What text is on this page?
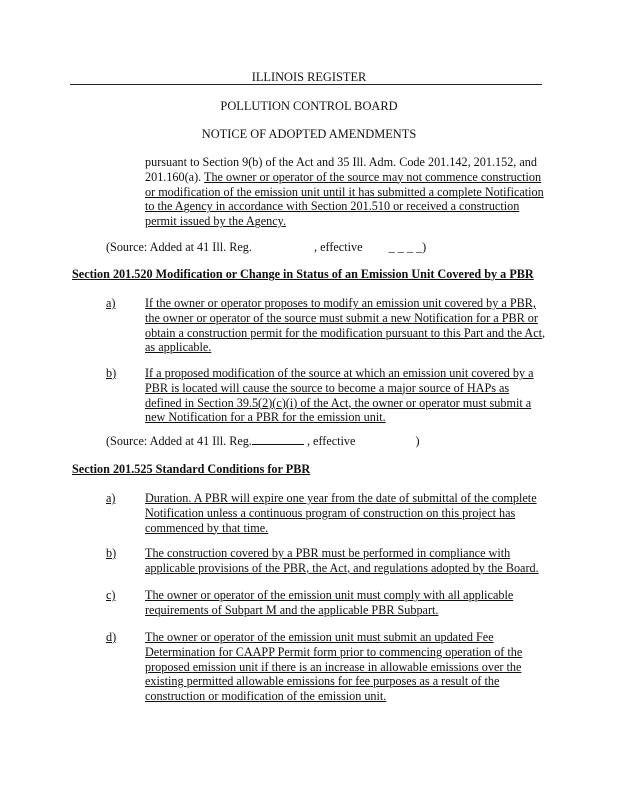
ILLINOIS REGISTER
POLLUTION CONTROL BOARD
NOTICE OF ADOPTED AMENDMENTS
pursuant to Section 9(b) of the Act and 35 Ill. Adm. Code 201.142, 201.152, and 201.160(a). The owner or operator of the source may not commence construction or modification of the emission unit until it has submitted a complete Notification to the Agency in accordance with Section 201.510 or received a construction permit issued by the Agency.
(Source: Added at 41 Ill. Reg.	, effective _ _ _ _)
Section 201.520 Modification or Change in Status of an Emission Unit Covered by a PBR
a) If the owner or operator proposes to modify an emission unit covered by a PBR, the owner or operator of the source must submit a new Notification for a PBR or obtain a construction permit for the modification pursuant to this Part and the Act, as applicable.
b) If a proposed modification of the source at which an emission unit covered by a PBR is located will cause the source to become a major source of HAPs as defined in Section 39.5(2)(c)(i) of the Act, the owner or operator must submit a new Notification for a PBR for the emission unit.
(Source: Added at 41 Ill. Reg.	, effective	)
Section 201.525 Standard Conditions for PBR
a) Duration. A PBR will expire one year from the date of submittal of the complete Notification unless a continuous program of construction on this project has commenced by that time.
b) The construction covered by a PBR must be performed in compliance with applicable provisions of the PBR, the Act, and regulations adopted by the Board.
c) The owner or operator of the emission unit must comply with all applicable requirements of Subpart M and the applicable PBR Subpart.
d) The owner or operator of the emission unit must submit an updated Fee Determination for CAAPP Permit form prior to commencing operation of the proposed emission unit if there is an increase in allowable emissions over the existing permitted allowable emissions for fee purposes as a result of the construction or modification of the emission unit.
